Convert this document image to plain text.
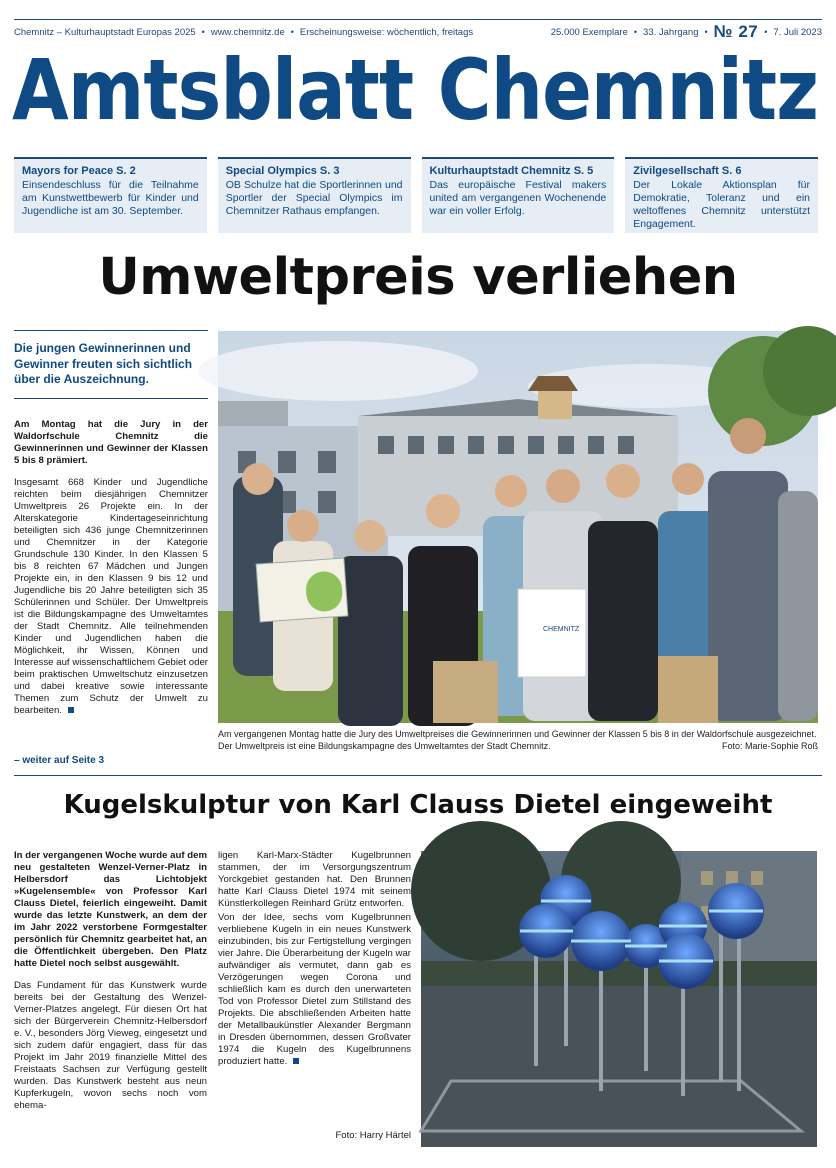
Chemnitz – Kulturhauptstadt Europas 2025 • www.chemnitz.de • Erscheinungsweise: wöchentlich, freitags	25.000 Exemplare • 33. Jahrgang • № 27 • 7. Juli 2023
Amtsblatt Chemnitz
Mayors for Peace S. 2
Einsendeschluss für die Teilnahme am Kunstwettbewerb für Kinder und Jugendliche ist am 30. September.
Special Olympics S. 3
OB Schulze hat die Sportlerinnen und Sportler der Special Olympics im Chemnitzer Rathaus empfangen.
Kulturhauptstadt Chemnitz S. 5
Das europäische Festival makers united am vergangenen Wochenende war ein voller Erfolg.
Zivilgesellschaft S. 6
Der Lokale Aktionsplan für Demokratie, Toleranz und ein weltoffenes Chemnitz unterstützt Engagement.
Umweltpreis verliehen
Die jungen Gewinnerinnen und Gewinner freuten sich sichtlich über die Auszeichnung.
Am Montag hat die Jury in der Waldorfschule Chemnitz die Gewinnerinnen und Gewinner der Klassen 5 bis 8 prämiert.
Insgesamt 668 Kinder und Jugendliche reichten beim diesjährigen Chemnitzer Umweltpreis 26 Projekte ein. In der Alterskategorie Kindertageseinrichtung beteiligten sich 436 junge Chemnitzerinnen und Chemnitzer in der Kategorie Grundschule 130 Kinder. In den Klassen 5 bis 8 reichten 67 Mädchen und Jungen Projekte ein, in den Klassen 9 bis 12 und Jugendliche bis 20 Jahre beteiligten sich 35 Schülerinnen und Schüler. Der Umweltpreis ist die Bildungskampagne des Umweltamtes der Stadt Chemnitz. Alle teilnehmenden Kinder und Jugendlichen haben die Möglichkeit, ihr Wissen, Können und Interesse auf wissenschaftlichem Gebiet oder beim praktischen Umweltschutz einzusetzen und dabei kreative sowie interessante Themen zum Schutz der Umwelt zu bearbeiten.
– weiter auf Seite 3
CHEMNITZ
Am vergangenen Montag hatte die Jury des Umweltpreises die Gewinnerinnen und Gewinner der Klassen 5 bis 8 in der Waldorfschule ausgezeichnet. Der Umweltpreis ist eine Bildungskampagne des Umweltamtes der Stadt Chemnitz.	Foto: Marie-Sophie Roß
Kugelskulptur von Karl Clauss Dietel eingeweiht
In der vergangenen Woche wurde auf dem neu gestalteten Wenzel-Verner-Platz in Helbersdorf das Lichtobjekt »Kugelensemble« von Professor Karl Clauss Dietel, feierlich eingeweiht. Damit wurde das letzte Kunstwerk, an dem der im Jahr 2022 verstorbene Formgestalter persönlich für Chemnitz gearbeitet hat, an die Öffentlichkeit übergeben. Den Platz hatte Dietel noch selbst ausgewählt.
Das Fundament für das Kunstwerk wurde bereits bei der Gestaltung des Wenzel-Verner-Platzes angelegt. Für diesen Ort hat sich der Bürgerverein Chemnitz-Helbersdorf e. V., besonders Jörg Vieweg, eingesetzt und sich zudem dafür engagiert, dass für das Projekt im Jahr 2019 finanzielle Mittel des Freistaats Sachsen zur Verfügung gestellt wurden. Das Kunstwerk besteht aus neun Kupferkugeln, wovon sechs noch vom ehema-
ligen Karl-Marx-Städter Kugelbrunnen stammen, der im Versorgungszentrum Yorckgebiet gestanden hat. Den Brunnen hatte Karl Clauss Dietel 1974 mit seinem Künstlerkollegen Reinhard Grütz entworfen.
Von der Idee, sechs vom Kugelbrunnen verbliebene Kugeln in ein neues Kunstwerk einzubinden, bis zur Fertigstellung vergingen vier Jahre. Die Überarbeitung der Kugeln war aufwändiger als vermutet, dann gab es Verzögerungen wegen Corona und schließlich kam es durch den unerwarteten Tod von Professor Dietel zum Stillstand des Projekts. Die abschließenden Arbeiten hatte der Metallbaukünstler Alexander Bergmann in Dresden übernommen, dessen Großvater 1974 die Kugeln des Kugelbrunnens produziert hatte.
Foto: Harry Härtel
